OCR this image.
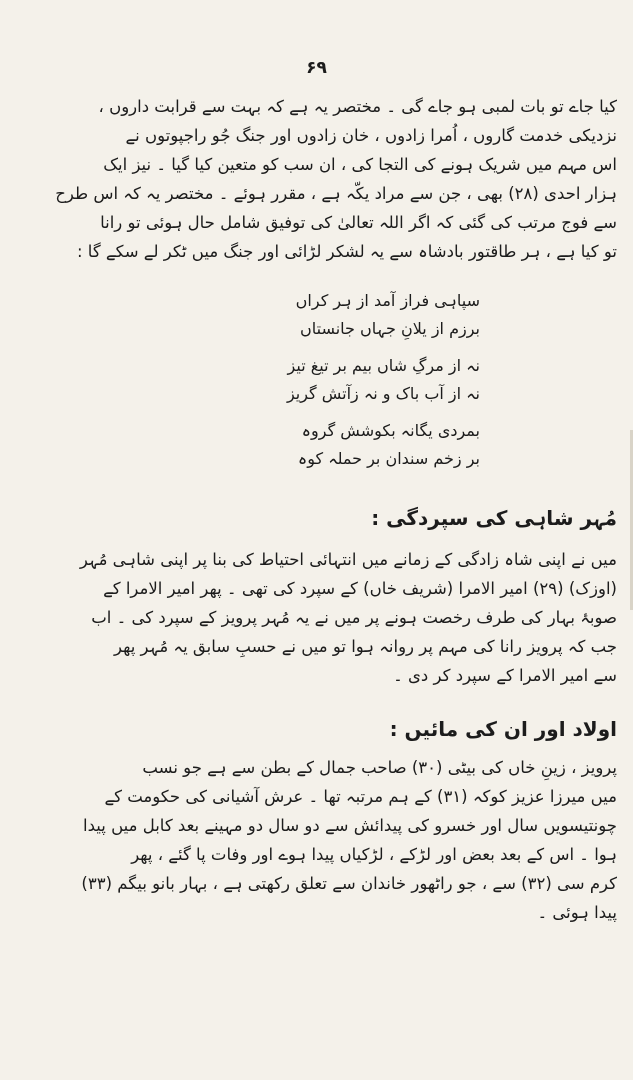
۶۹
کیا جاے تو بات لمبی ہو جاے گی ۔ مختصر یہ ہے کہ بہت سے قرابت داروں ،
نزدیکی خدمت گاروں ، اُمرا زادوں ، خان زادوں اور جنگ جُو راجپوتوں نے
اس مہم میں شریک ہونے کی التجا کی ، ان سب کو متعین کیا گیا ۔ نیز ایک
ہزار احدی (۲۸) بھی ، جن سے مراد یکّہ ہے ، مقرر ہوئے ۔ مختصر یہ کہ اس طرح
سے فوج مرتب کی گئی کہ اگر اللہ تعالیٰ کی توفیق شامل حال ہوئی تو رانا
تو کیا ہے ، ہر طاقتور بادشاہ سے یہ لشکر لڑائی اور جنگ میں ٹکر لے سکے گا :
سپاہی فراز آمد از ہر کراں
برزم از یلانِ جہاں جانستاں
نہ از مرگِ شاں بیم بر تیغ تیز
نہ از آب باک و نہ زآتش گریز
بمردی یگانہ بکوشش گروہ
بر زخم سندان بر حملہ کوہ
مُہر شاہی کی سپردگی :
میں نے اپنی شاہ زادگی کے زمانے میں انتہائی احتیاط کی بنا پر اپنی شاہی مُہر
(اوزک) (۲۹) امیر الامرا (شریف خاں) کے سپرد کی تھی ۔ پھر امیر الامرا کے
صوبۂ بہار کی طرف رخصت ہونے پر میں نے یہ مُہر پرویز کے سپرد کی ۔ اب
جب کہ پرویز رانا کی مہم پر روانہ ہوا تو میں نے حسبِ سابق یہ مُہر پھر
سے امیر الامرا کے سپرد کر دی ۔
اولاد اور ان کی مائیں :
پرویز ، زینِ خاں کی بیٹی (۳۰) صاحب جمال کے بطن سے ہے جو نسب
میں میرزا عزیز کوکہ (۳۱) کے ہم مرتبہ تھا ۔ عرش آشیانی کی حکومت کے
چونتیسویں سال اور خسرو کی پیدائش سے دو سال دو مہینے بعد کابل میں پیدا
ہوا ۔ اس کے بعد بعض اور لڑکے ، لڑکیاں پیدا ہوے اور وفات پا گئے ، پھر
کرم سی (۳۲) سے ، جو راٹھور خاندان سے تعلق رکھتی ہے ، بہار بانو بیگم (۳۳)
پیدا ہوئی ۔
